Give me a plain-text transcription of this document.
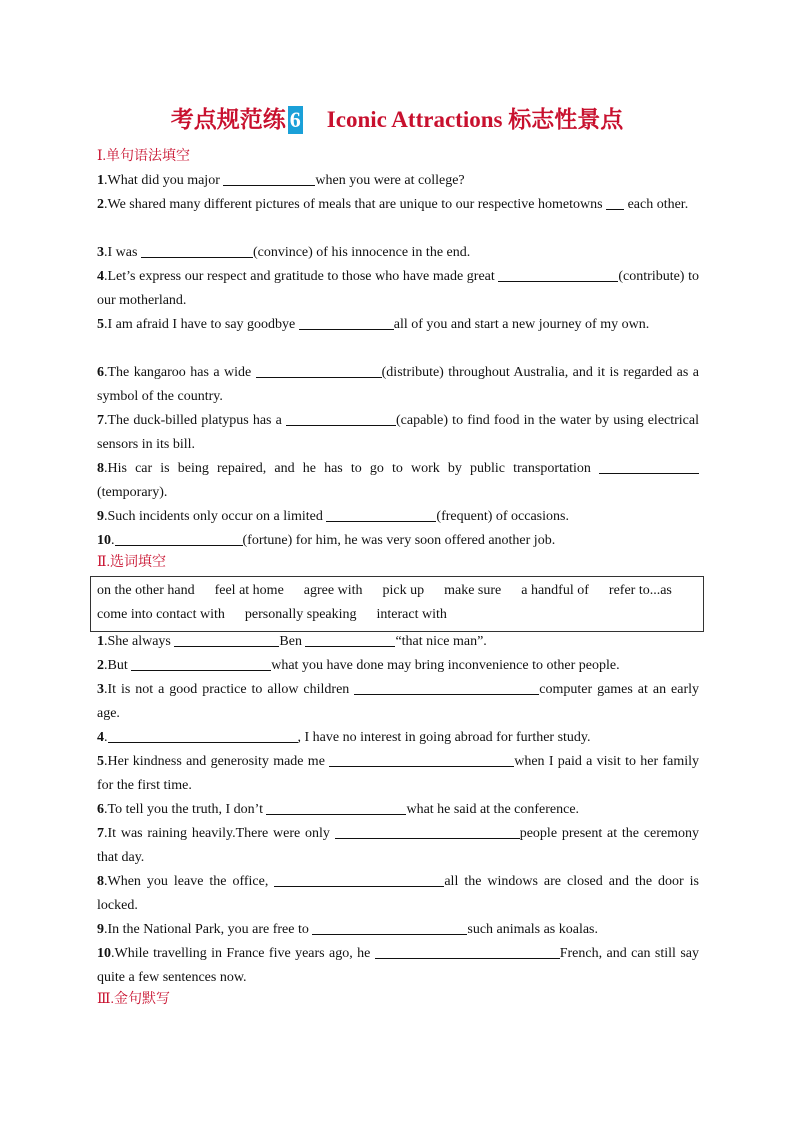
考点规范练 6 Iconic Attractions 标志性景点
Ⅰ.单句语法填空
1.What did you major	when you were at college?
2.We shared many different pictures of meals that are unique to our respective hometowns  each other.
3.I was	(convince) of his innocence in the end.
4.Let’s express our respect and gratitude to those who have made great	(contribute) to our motherland.
5.I am afraid I have to say goodbye	all of you and start a new journey of my own.
6.The kangaroo has a wide	(distribute) throughout Australia, and it is regarded as a symbol of the country.
7.The duck-billed platypus has a	(capable) to find food in the water by using electrical sensors in its bill.
8.His car is being repaired, and he has to go to work by public transportation (temporary).
9.Such incidents only occur on a limited	(frequent) of occasions.
10.	(fortune) for him, he was very soon offered another job.
Ⅱ.选词填空
on the other hand feel at home agree with pick up make sure a handful of refer to...as
come into contact with personally speaking interact with
1.She always	Ben	“that nice man”.
2.But	what you have done may bring inconvenience to other people.
3.It is not a good practice to allow children	computer games at an early age.
4.	, I have no interest in going abroad for further study.
5.Her kindness and generosity made me	when I paid a visit to her family for the first time.
6.To tell you the truth, I don’t	what he said at the conference.
7.It was raining heavily.There were only	people present at the ceremony that day.
8.When you leave the office,	all the windows are closed and the door is locked.
9.In the National Park, you are free to	such animals as koalas.
10.While travelling in France five years ago, he	French, and can still say quite a few sentences now.
Ⅲ.金句默写
